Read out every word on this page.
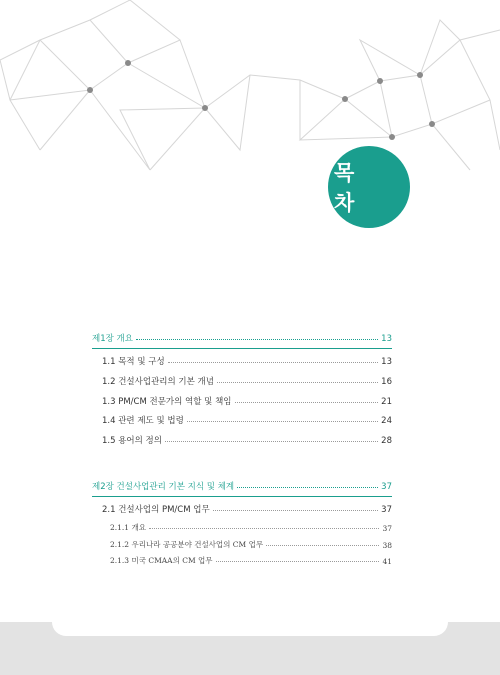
목 차
제1장 개요	13
1.1 목적 및 구성	13
1.2 건설사업관리의 기본 개념	16
1.3 PM/CM 전문가의 역할 및 책임	21
1.4 관련 제도 및 법령	24
1.5 용어의 정의	28
제2장 건설사업관리 기본 지식 및 체계	37
2.1 건설사업의 PM/CM 업무	37
2.1.1 개요	37
2.1.2 우리나라 공공분야 건설사업의 CM 업무	38
2.1.3 미국 CMAA의 CM 업무	41
